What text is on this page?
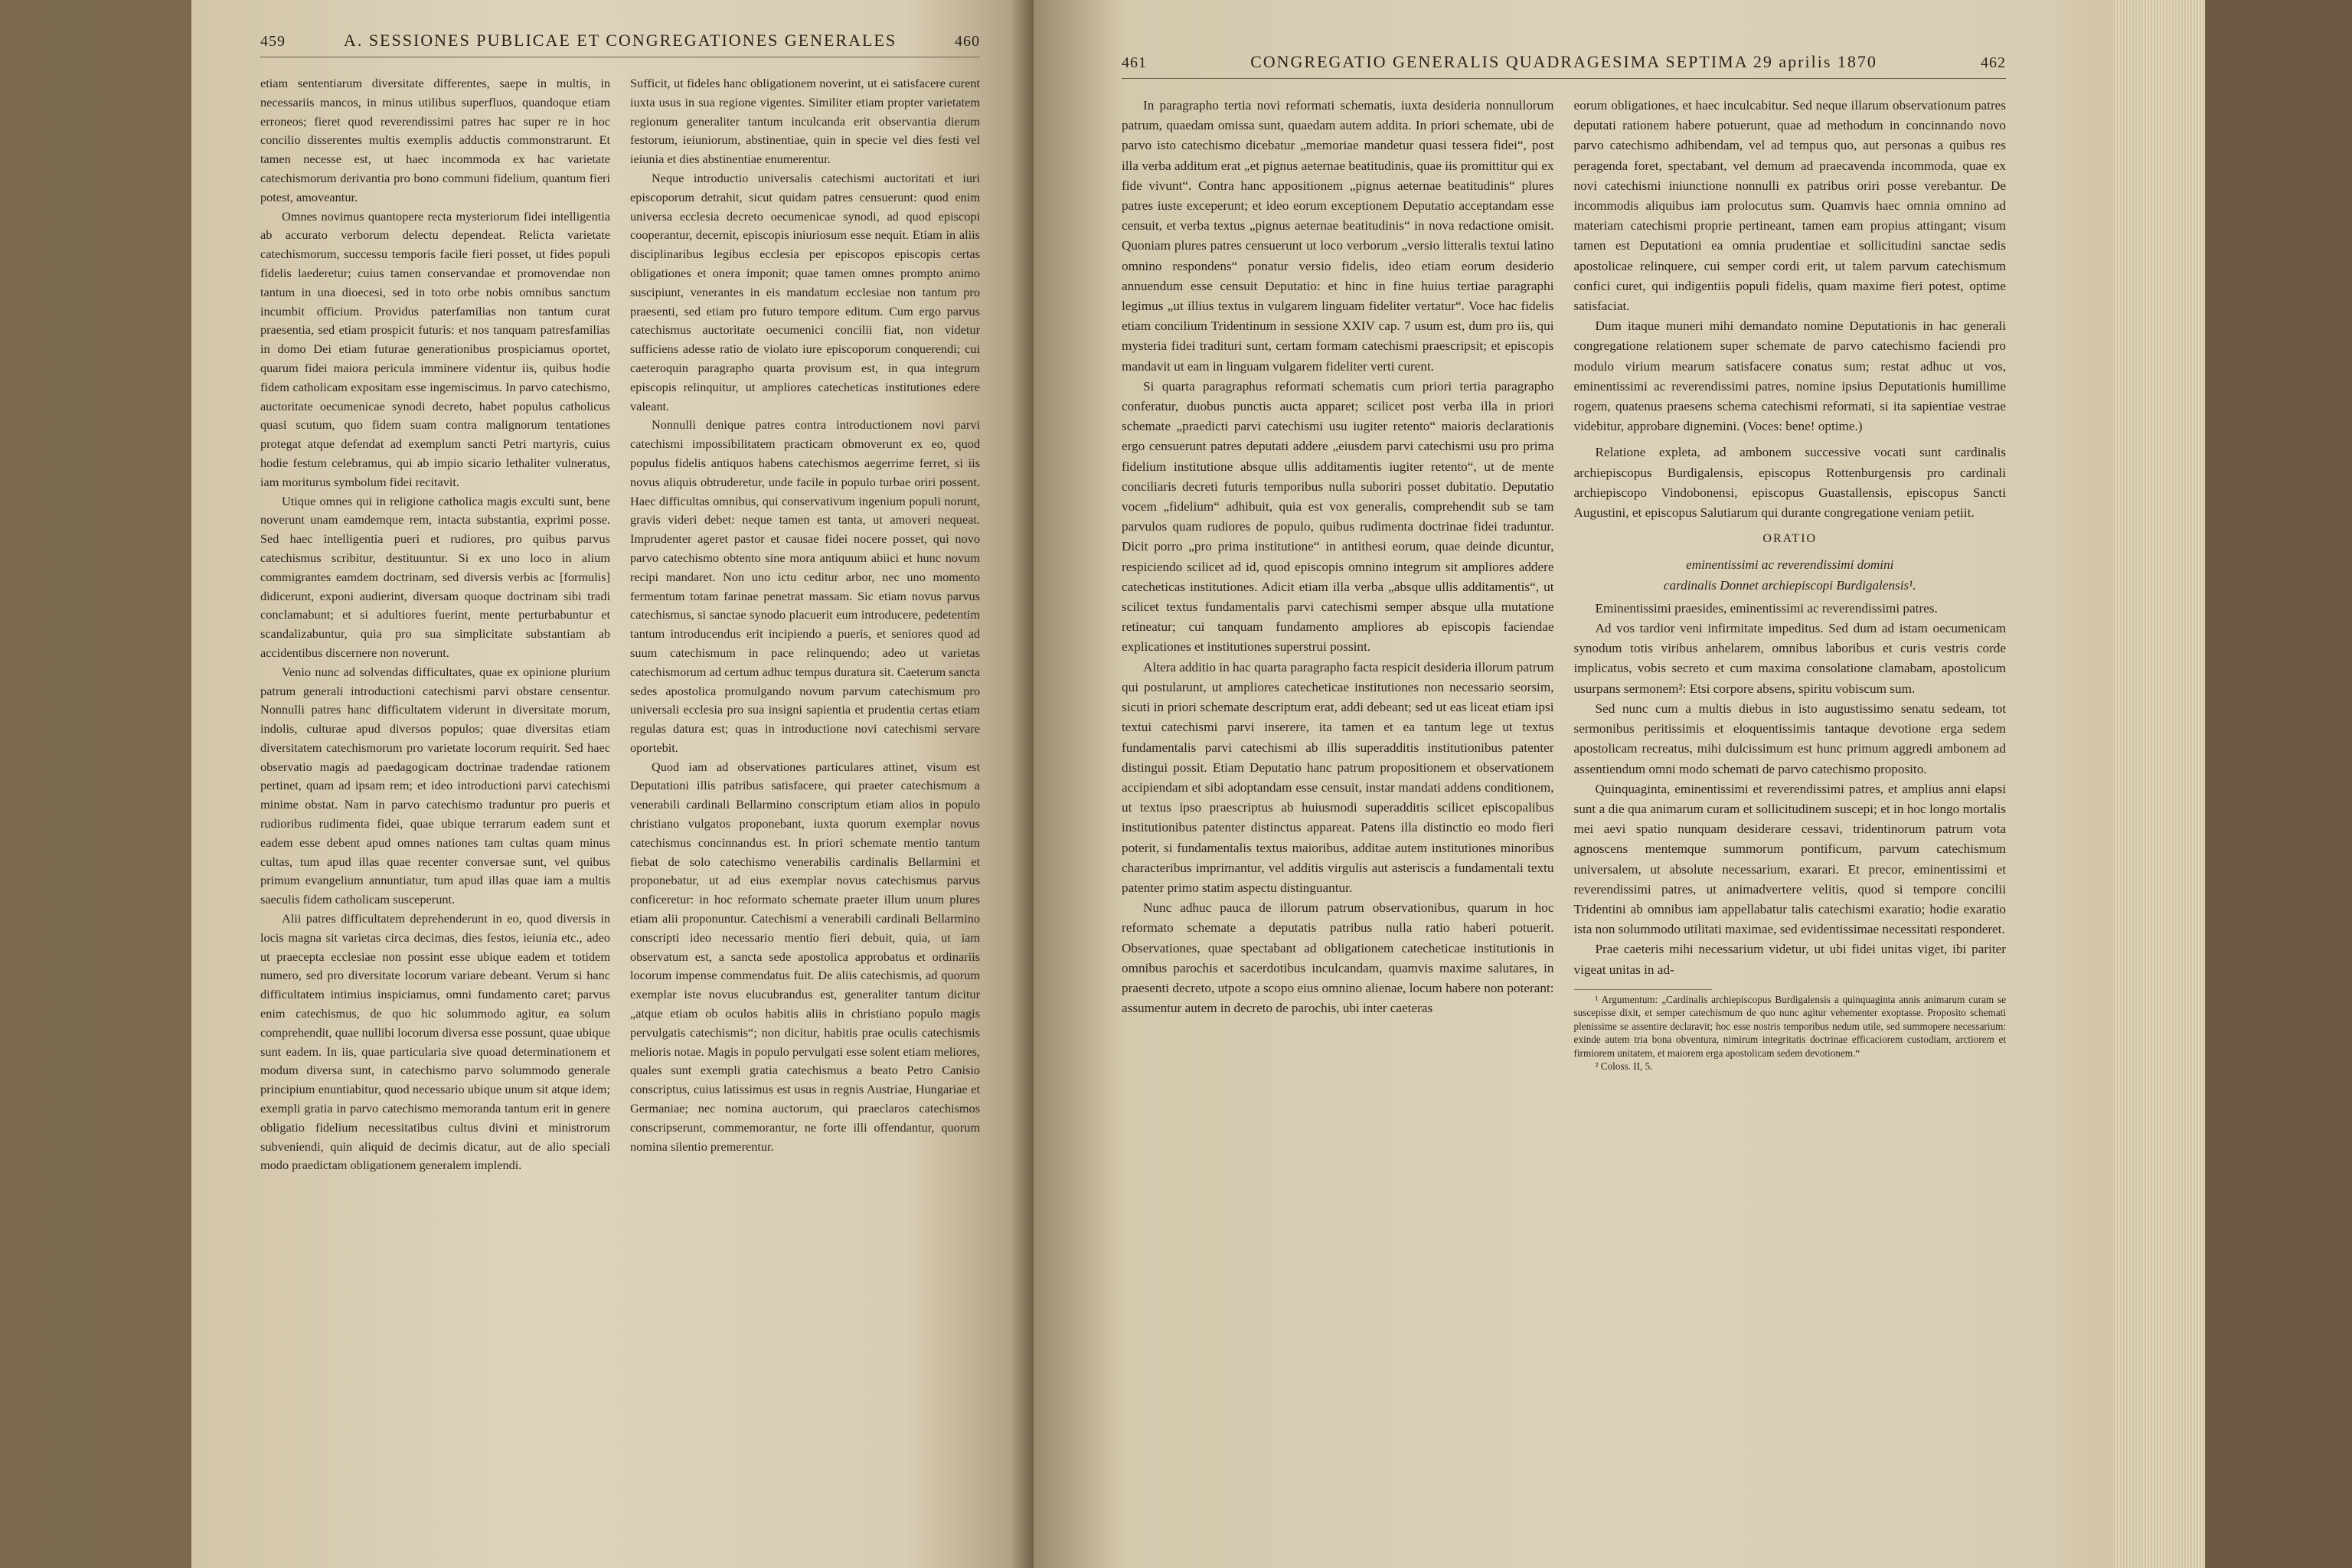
459	A. SESSIONES PUBLICAE ET CONGREGATIONES GENERALES	460

etiam sententiarum diversitate differentes, saepe in multis, in necessariis mancos, in minus utilibus superfluos, quandoque etiam erroneos; fieret quod reverendissimi patres hac super re in hoc concilio disserentes multis exemplis adductis commonstrarunt. Et tamen necesse est, ut haec incommoda ex hac varietate catechismorum derivantia pro bono communi fidelium, quantum fieri potest, amoveantur.

Omnes novimus quantopere recta mysteriorum fidei intelligentia ab accurato verborum delectu dependeat. Relicta varietate catechismorum, successu temporis facile fieri posset, ut fides populi fidelis laederetur; cuius tamen conservandae et promovendae non tantum in una dioecesi, sed in toto orbe nobis omnibus sanctum incumbit officium. Providus paterfamilias non tantum curat praesentia, sed etiam prospicit futuris: et nos tanquam patresfamilias in domo Dei etiam futurae generationibus prospiciamus oportet, quarum fidei maiora pericula imminere videntur iis, quibus hodie fidem catholicam expositam esse ingemiscimus. In parvo catechismo, auctoritate oecumenicae synodi decreto, habet populus catholicus quasi scutum, quo fidem suam contra malignorum tentationes protegat atque defendat ad exemplum sancti Petri martyris, cuius hodie festum celebramus, qui ab impio sicario lethaliter vulneratus, iam moriturus symbolum fidei recitavit.

Utique omnes qui in religione catholica magis exculti sunt, bene noverunt unam eamdemque rem, intacta substantia, exprimi posse. Sed haec intelligentia pueri et rudiores, pro quibus parvus catechismus scribitur, destituuntur. Si ex uno loco in alium commigrantes eamdem doctrinam, sed diversis verbis ac [formulis] didicerunt, exponi audierint, diversam quoque doctrinam sibi tradi conclamabunt; et si adultiores fuerint, mente perturbabuntur et scandalizabuntur, quia pro sua simplicitate substantiam ab accidentibus discernere non noverunt.

Venio nunc ad solvendas difficultates, quae ex opinione plurium patrum generali introductioni catechismi parvi obstare censentur. Nonnulli patres hanc difficultatem viderunt in diversitate morum, indolis, culturae apud diversos populos; quae diversitas etiam diversitatem catechismorum pro varietate locorum requirit. Sed haec observatio magis ad paedagogicam doctrinae tradendae rationem pertinet, quam ad ipsam rem; et ideo introductioni parvi catechismi minime obstat. Nam in parvo catechismo traduntur pro pueris et rudioribus rudimenta fidei, quae ubique terrarum eadem sunt et eadem esse debent apud omnes nationes tam cultas quam minus cultas, tum apud illas quae recenter conversae sunt, vel quibus primum evangelium annuntiatur, tum apud illas quae iam a multis saeculis fidem catholicam susceperunt.

Alii patres difficultatem deprehenderunt in eo, quod diversis in locis magna sit varietas circa decimas, dies festos, ieiunia etc., adeo ut praecepta ecclesiae non possint esse ubique eadem et totidem numero, sed pro diversitate locorum variare debeant. Verum si hanc difficultatem intimius inspiciamus, omni fundamento caret; parvus enim catechismus, de quo hic solummodo agitur, ea solum comprehendit, quae nullibi locorum diversa esse possunt, quae ubique sunt eadem. In iis, quae particularia sive quoad determinationem et modum diversa sunt, in catechismo parvo solummodo generale principium enuntiabitur, quod necessario ubique unum sit atque idem; exempli gratia in parvo catechismo memoranda tantum erit in genere obligatio fidelium necessitatibus cultus divini et ministrorum subveniendi, quin aliquid de decimis dicatur, aut de alio speciali modo praedictam obligationem generalem implendi.

Sufficit, ut fideles hanc obligationem noverint, ut ei satisfacere curent iuxta usus in sua regione vigentes. Similiter etiam propter varietatem regionum generaliter tantum inculcanda erit observantia dierum festorum, ieiuniorum, abstinentiae, quin in specie vel dies festi vel ieiunia et dies abstinentiae enumerentur.

Neque introductio universalis catechismi auctoritati et iuri episcoporum detrahit, sicut quidam patres censuerunt: quod enim universa ecclesia decreto oecumenicae synodi, ad quod episcopi cooperantur, decernit, episcopis iniuriosum esse nequit. Etiam in aliis disciplinaribus legibus ecclesia per episcopos episcopis certas obligationes et onera imponit; quae tamen omnes prompto animo suscipiunt, venerantes in eis mandatum ecclesiae non tantum pro praesenti, sed etiam pro futuro tempore editum. Cum ergo parvus catechismus auctoritate oecumenici concilii fiat, non videtur sufficiens adesse ratio de violato iure episcoporum conquerendi; cui caeteroquin paragrapho quarta provisum est, in qua integrum episcopis relinquitur, ut ampliores catecheticas institutiones edere valeant.

Nonnulli denique patres contra introductionem novi parvi catechismi impossibilitatem practicam obmoverunt ex eo, quod populus fidelis antiquos habens catechismos aegerrime ferret, si iis novus aliquis obtruderetur, unde facile in populo turbae oriri possent. Haec difficultas omnibus, qui conservativum ingenium populi norunt, gravis videri debet: neque tamen est tanta, ut amoveri nequeat. Imprudenter ageret pastor et causae fidei nocere posset, qui novo parvo catechismo obtento sine mora antiquum abiici et hunc novum recipi mandaret. Non uno ictu ceditur arbor, nec uno momento fermentum totam farinae penetrat massam. Sic etiam novus parvus catechismus, si sanctae synodo placuerit eum introducere, pedetentim tantum introducendus erit incipiendo a pueris, et seniores quod ad suum catechismum in pace relinquendo; adeo ut varietas catechismorum ad certum adhuc tempus duratura sit. Caeterum sancta sedes apostolica promulgando novum parvum catechismum pro universali ecclesia pro sua insigni sapientia et prudentia certas etiam regulas datura est; quas in introductione novi catechismi servare oportebit.

Quod iam ad observationes particulares attinet, visum est Deputationi illis patribus satisfacere, qui praeter catechismum a venerabili cardinali Bellarmino conscriptum etiam alios in populo christiano vulgatos proponebant, iuxta quorum exemplar novus catechismus concinnandus est. In priori schemate mentio tantum fiebat de solo catechismo venerabilis cardinalis Bellarmini et proponebatur, ut ad eius exemplar novus catechismus parvus conficeretur: in hoc reformato schemate praeter illum unum plures etiam alii proponuntur. Catechismi a venerabili cardinali Bellarmino conscripti ideo necessario mentio fieri debuit, quia, ut iam observatum est, a sancta sede apostolica approbatus et ordinariis locorum impense commendatus fuit. De aliis catechismis, ad quorum exemplar iste novus elucubrandus est, generaliter tantum dicitur „atque etiam ob oculos habitis aliis in christiano populo magis pervulgatis catechismis“; non dicitur, habitis prae oculis catechismis melioris notae. Magis in populo pervulgati esse solent etiam meliores, quales sunt exempli gratia catechismus a beato Petro Canisio conscriptus, cuius latissimus est usus in regnis Austriae, Hungariae et Germaniae; nec nomina auctorum, qui praeclaros catechismos conscripserunt, commemorantur, ne forte illi offendantur, quorum nomina silentio premerentur.

461	CONGREGATIO GENERALIS QUADRAGESIMA SEPTIMA 29 aprilis 1870	462

In paragrapho tertia novi reformati schematis, iuxta desideria nonnullorum patrum, quaedam omissa sunt, quaedam autem addita. In priori schemate, ubi de parvo isto catechismo dicebatur „memoriae mandetur quasi tessera fidei“, post illa verba additum erat „et pignus aeternae beatitudinis, quae iis promittitur qui ex fide vivunt“. Contra hanc appositionem „pignus aeternae beatitudinis“ plures patres iuste exceperunt; et ideo eorum exceptionem Deputatio acceptandam esse censuit, et verba textus „pignus aeternae beatitudinis“ in nova redactione omisit. Quoniam plures patres censuerunt ut loco verborum „versio litteralis textui latino omnino respondens“ ponatur versio fidelis, ideo etiam eorum desiderio annuendum esse censuit Deputatio: et hinc in fine huius tertiae paragraphi legimus „ut illius textus in vulgarem linguam fideliter vertatur“. Voce hac fidelis etiam concilium Tridentinum in sessione XXIV cap. 7 usum est, dum pro iis, qui mysteria fidei tradituri sunt, certam formam catechismi praescripsit; et episcopis mandavit ut eam in linguam vulgarem fideliter verti curent.

Si quarta paragraphus reformati schematis cum priori tertia paragrapho conferatur, duobus punctis aucta apparet; scilicet post verba illa in priori schemate „praedicti parvi catechismi usu iugiter retento“ maioris declarationis ergo censuerunt patres deputati addere „eiusdem parvi catechismi usu pro prima fidelium institutione absque ullis additamentis iugiter retento“, ut de mente conciliaris decreti futuris temporibus nulla suboriri posset dubitatio. Deputatio vocem „fidelium“ adhibuit, quia est vox generalis, comprehendit sub se tam parvulos quam rudiores de populo, quibus rudimenta doctrinae fidei traduntur. Dicit porro „pro prima institutione“ in antithesi eorum, quae deinde dicuntur, respiciendo scilicet ad id, quod episcopis omnino integrum sit ampliores addere catecheticas institutiones. Adicit etiam illa verba „absque ullis additamentis“, ut scilicet textus fundamentalis parvi catechismi semper absque ulla mutatione retineatur; cui tanquam fundamento ampliores ab episcopis faciendae explicationes et institutiones superstrui possint.

Altera additio in hac quarta paragrapho facta respicit desideria illorum patrum qui postularunt, ut ampliores catecheticae institutiones non necessario seorsim, sicuti in priori schemate descriptum erat, addi debeant; sed ut eas liceat etiam ipsi textui catechismi parvi inserere, ita tamen et ea tantum lege ut textus fundamentalis parvi catechismi ab illis superadditis institutionibus patenter distingui possit. Etiam Deputatio hanc patrum propositionem et observationem accipiendam et sibi adoptandam esse censuit, instar mandati addens conditionem, ut textus ipso praescriptus ab huiusmodi superadditis scilicet episcopalibus institutionibus patenter distinctus appareat. Patens illa distinctio eo modo fieri poterit, si fundamentalis textus maioribus, additae autem institutiones minoribus characteribus imprimantur, vel additis virgulis aut asteriscis a fundamentali textu patenter primo statim aspectu distinguantur.

Nunc adhuc pauca de illorum patrum observationibus, quarum in hoc reformato schemate a deputatis patribus nulla ratio haberi potuerit. Observationes, quae spectabant ad obligationem catecheticae institutionis in omnibus parochis et sacerdotibus inculcandam, quamvis maxime salutares, in praesenti decreto, utpote a scopo eius omnino alienae, locum habere non poterant: assumentur autem in decreto de parochis, ubi inter caeteras

eorum obligationes, et haec inculcabitur. Sed neque illarum observationum patres deputati rationem habere potuerunt, quae ad methodum in concinnando novo parvo catechismo adhibendam, vel ad tempus quo, aut personas a quibus res peragenda foret, spectabant, vel demum ad praecavenda incommoda, quae ex novi catechismi iniunctione nonnulli ex patribus oriri posse verebantur. De incommodis aliquibus iam prolocutus sum. Quamvis haec omnia omnino ad materiam catechismi proprie pertineant, tamen eam propius attingant; visum tamen est Deputationi ea omnia prudentiae et sollicitudini sanctae sedis apostolicae relinquere, cui semper cordi erit, ut talem parvum catechismum confici curet, qui indigentiis populi fidelis, quam maxime fieri potest, optime satisfaciat.

Dum itaque muneri mihi demandato nomine Deputationis in hac generali congregatione relationem super schemate de parvo catechismo faciendi pro modulo virium mearum satisfacere conatus sum; restat adhuc ut vos, eminentissimi ac reverendissimi patres, nomine ipsius Deputationis humillime rogem, quatenus praesens schema catechismi reformati, si ita sapientiae vestrae videbitur, approbare dignemini. (Voces: bene! optime.)

Relatione expleta, ad ambonem successive vocati sunt cardinalis archiepiscopus Burdigalensis, episcopus Rottenburgensis pro cardinali archiepiscopo Vindobonensi, episcopus Guastallensis, episcopus Sancti Augustini, et episcopus Salutiarum qui durante congregatione veniam petiit.

ORATIO

eminentissimi ac reverendissimi domini

cardinalis Donnet archiepiscopi Burdigalensis¹.

Eminentissimi praesides, eminentissimi ac reverendissimi patres.

Ad vos tardior veni infirmitate impeditus. Sed dum ad istam oecumenicam synodum totis viribus anhelarem, omnibus laboribus et curis vestris corde implicatus, vobis secreto et cum maxima consolatione clamabam, apostolicum usurpans sermonem²: Etsi corpore absens, spiritu vobiscum sum.

Sed nunc cum a multis diebus in isto augustissimo senatu sedeam, tot sermonibus peritissimis et eloquentissimis tantaque devotione erga sedem apostolicam recreatus, mihi dulcissimum est hunc primum aggredi ambonem ad assentiendum omni modo schemati de parvo catechismo proposito.

Quinquaginta, eminentissimi et reverendissimi patres, et amplius anni elapsi sunt a die qua animarum curam et sollicitudinem suscepi; et in hoc longo mortalis mei aevi spatio nunquam desiderare cessavi, tridentinorum patrum vota agnoscens mentemque summorum pontificum, parvum catechismum universalem, ut absolute necessarium, exarari. Et precor, eminentissimi et reverendissimi patres, ut animadvertere velitis, quod si tempore concilii Tridentini ab omnibus iam appellabatur talis catechismi exaratio; hodie exaratio ista non solummodo utilitati maximae, sed evidentissimae necessitati responderet.

Prae caeteris mihi necessarium videtur, ut ubi fidei unitas viget, ibi pariter vigeat unitas in ad-

¹ Argumentum: „Cardinalis archiepiscopus Burdigalensis a quinquaginta annis animarum curam se suscepisse dixit, et semper catechismum de quo nunc agitur vehementer exoptasse. Proposito schemati plenissime se assentire declaravit; hoc esse nostris temporibus nedum utile, sed summopere necessarium: exinde autem tria bona obventura, nimirum integritatis doctrinae efficaciorem custodiam, arctiorem et firmiorem unitatem, et maiorem erga apostolicam sedem devotionem.“

² Coloss. II, 5.
